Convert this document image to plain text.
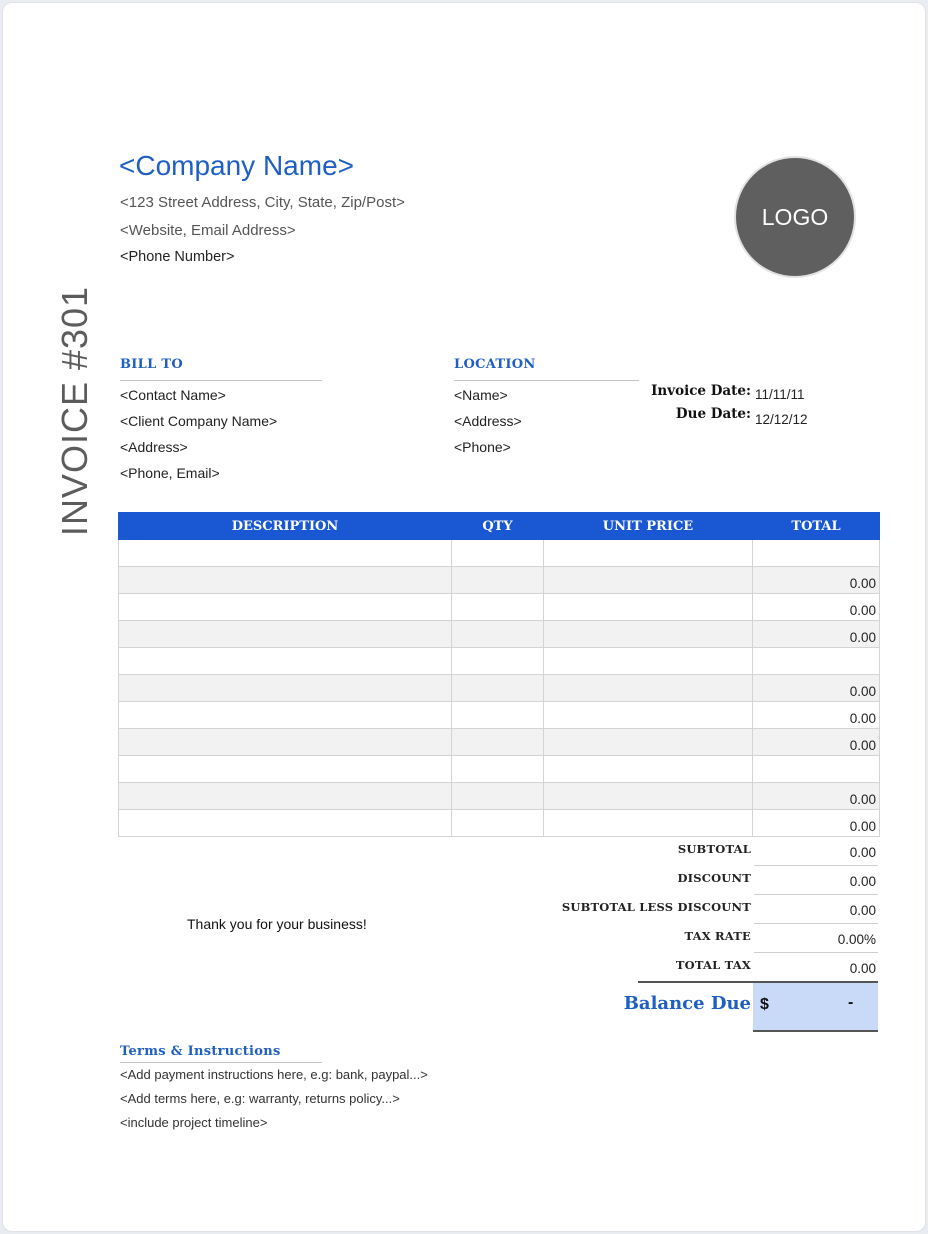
<Company Name>
<123 Street Address, City, State, Zip/Post>
<Website, Email Address>
<Phone Number>
LOGO
INVOICE #301 BILL TO
<Contact Name>
<Client Company Name>
<Address>
<Phone, Email>
LOCATION
<Name>
<Address>
<Phone>
Invoice Date: 11/11/11
Due Date: 12/12/12
DESCRIPTION	QTY	UNIT PRICE	TOTAL

			0.00
			0.00
			0.00

			0.00
			0.00
			0.00

			0.00
			0.00
Thank you for your business!
SUBTOTAL	0.00
DISCOUNT	0.00
SUBTOTAL LESS DISCOUNT	0.00
TAX RATE	0.00%
TOTAL TAX	0.00
Balance Due $	-
Terms & Instructions
<Add payment instructions here, e.g: bank, paypal...>
<Add terms here, e.g: warranty, returns policy...>
<include project timeline>
